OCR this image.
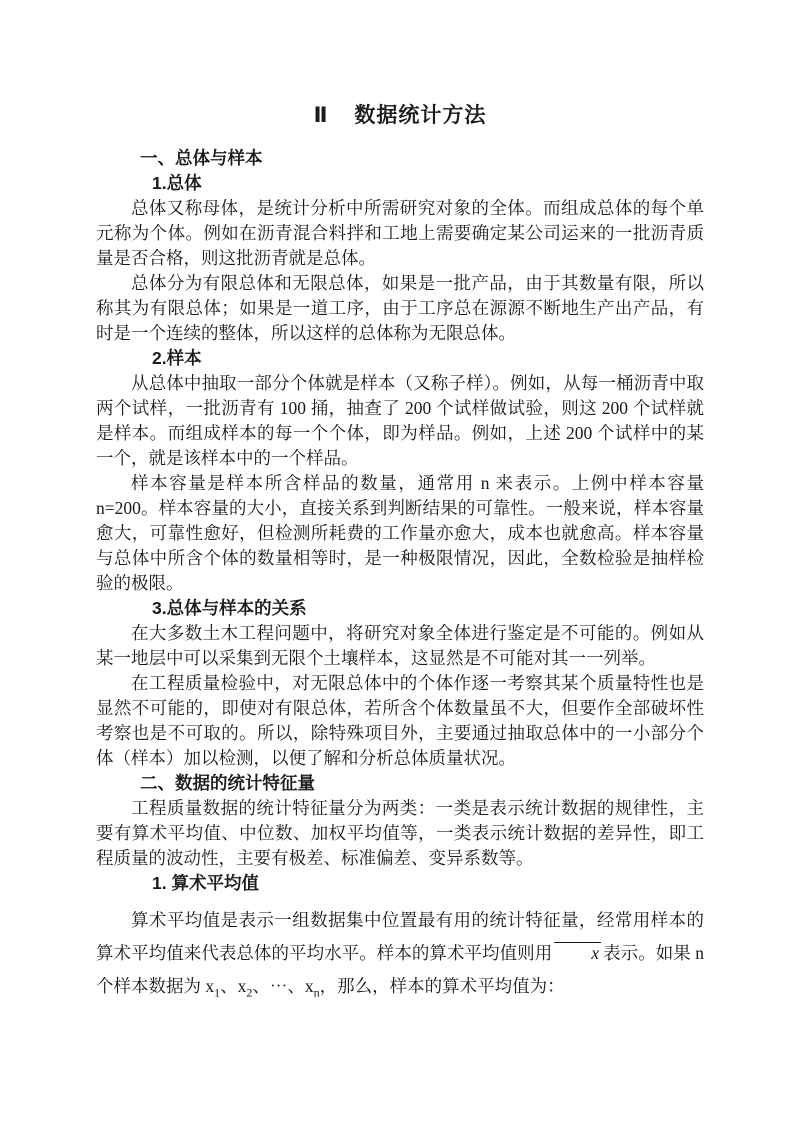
Ⅱ 数据统计方法
一、总体与样本
1.总体

总体又称母体，是统计分析中所需研究对象的全体。而组成总体的每个单元称为个体。例如在沥青混合料拌和工地上需要确定某公司运来的一批沥青质量是否合格，则这批沥青就是总体。

总体分为有限总体和无限总体，如果是一批产品，由于其数量有限，所以称其为有限总体；如果是一道工序，由于工序总在源源不断地生产出产品，有时是一个连续的整体，所以这样的总体称为无限总体。

2.样本

从总体中抽取一部分个体就是样本（又称子样）。例如，从每一桶沥青中取两个试样，一批沥青有 100 捅，抽查了 200 个试样做试验，则这 200 个试样就是样本。而组成样本的每一个个体，即为样品。例如，上述 200 个试样中的某一个，就是该样本中的一个样品。

样本容量是样本所含样品的数量，通常用 n 来表示。上例中样本容量 n=200。样本容量的大小，直接关系到判断结果的可靠性。一般来说，样本容量愈大，可靠性愈好，但检测所耗费的工作量亦愈大，成本也就愈高。样本容量与总体中所含个体的数量相等时，是一种极限情况，因此，全数检验是抽样检验的极限。

3.总体与样本的关系

在大多数土木工程问题中，将研究对象全体进行鉴定是不可能的。例如从某一地层中可以采集到无限个土壤样本，这显然是不可能对其一一列举。

在工程质量检验中，对无限总体中的个体作逐一考察其某个质量特性也是显然不可能的，即使对有限总体，若所含个体数量虽不大，但要作全部破坏性考察也是不可取的。所以，除特殊项目外，主要通过抽取总体中的一小部分个体（样本）加以检测，以便了解和分析总体质量状况。

二、数据的统计特征量

工程质量数据的统计特征量分为两类：一类是表示统计数据的规律性，主要有算术平均值、中位数、加权平均值等，一类表示统计数据的差异性，即工程质量的波动性，主要有极差、标准偏差、变异系数等。

1. 算术平均值

算术平均值是表示一组数据集中位置最有用的统计特征量，经常用样本的算术平均值来代表总体的平均水平。样本的算术平均值则用 x 表示。如果 n 个样本数据为 $x_1$、$x_2$、⋯、$x_n$，那么，样本的算术平均值为：
